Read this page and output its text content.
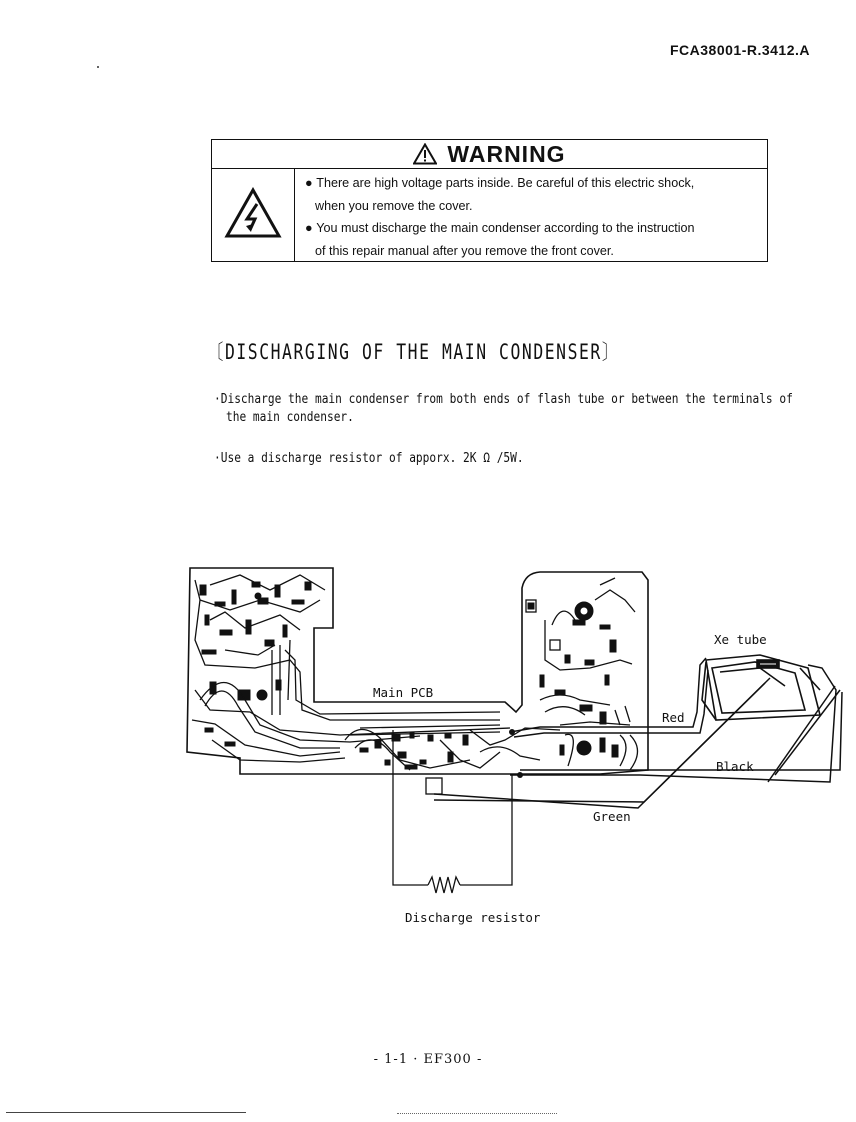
FCA38001-R.3412.A
WARNING
● There are high voltage parts inside. Be careful of this electric shock,
when you remove the cover.
● You must discharge the main condenser according to the instruction
of this repair manual after you remove the front cover.
〔DISCHARGING OF THE MAIN CONDENSER〕
·Discharge the main condenser from both ends of flash tube or between the terminals of
the main condenser.
·Use a discharge resistor of apporx. 2K Ω /5W.
Main PCB
Xe tube
Red
Black
Green
Discharge resistor
- 1-1 · EF300 -
